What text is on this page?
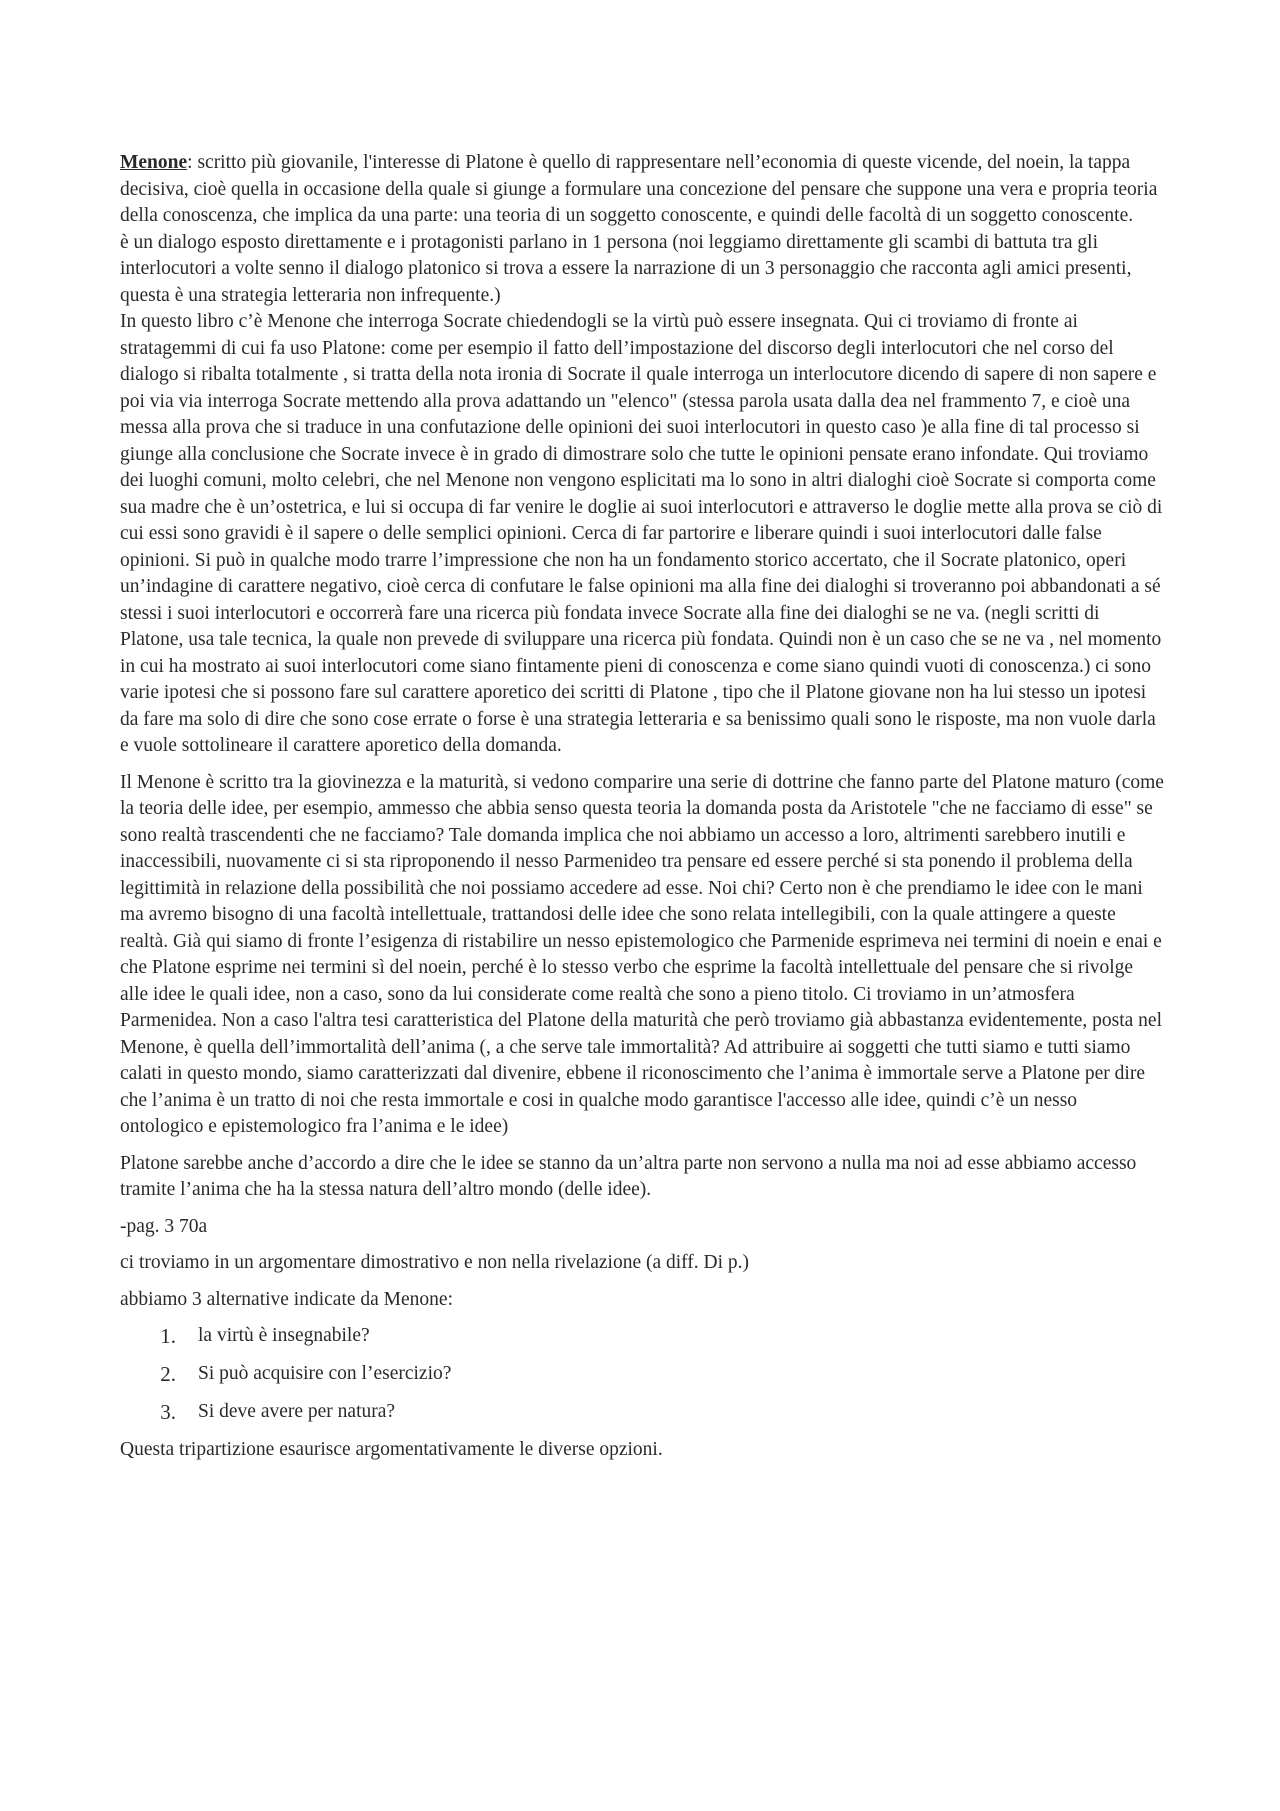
Menone: scritto più giovanile, l'interesse di Platone è quello di rappresentare nell’economia di queste vicende, del noein, la tappa decisiva, cioè quella in occasione della quale si giunge a formulare una concezione del pensare che suppone una vera e propria teoria della conoscenza, che implica da una parte: una teoria di un soggetto conoscente, e quindi delle facoltà di un soggetto conoscente.

è un dialogo esposto direttamente e i protagonisti parlano in 1 persona (noi leggiamo direttamente gli scambi di battuta tra gli interlocutori a volte senno il dialogo platonico si trova a essere la narrazione di un 3 personaggio che racconta agli amici presenti, questa è una strategia letteraria non infrequente.)

In questo libro c’è Menone che interroga Socrate chiedendogli se la virtù può essere insegnata. Qui ci troviamo di fronte ai stratagemmi di cui fa uso Platone: come per esempio il fatto dell’impostazione del discorso degli interlocutori che nel corso del dialogo si ribalta totalmente , si tratta della nota ironia di Socrate il quale interroga un interlocutore dicendo di sapere di non sapere e poi via via interroga Socrate mettendo alla prova adattando un "elenco" (stessa parola usata dalla dea nel frammento 7, e cioè una messa alla prova che si traduce in una confutazione delle opinioni dei suoi interlocutori in questo caso )e alla fine di tal processo si giunge alla conclusione che Socrate invece è in grado di dimostrare solo che tutte le opinioni pensate erano infondate. Qui troviamo dei luoghi comuni, molto celebri, che nel Menone non vengono esplicitati ma lo sono in altri dialoghi cioè Socrate si comporta come sua madre che è un’ostetrica, e lui si occupa di far venire le doglie ai suoi interlocutori e attraverso le doglie mette alla prova se ciò di cui essi sono gravidi è il sapere o delle semplici opinioni. Cerca di far partorire e liberare quindi i suoi interlocutori dalle false opinioni. Si può in qualche modo trarre l’impressione che non ha un fondamento storico accertato, che il Socrate platonico, operi un’indagine di carattere negativo, cioè cerca di confutare le false opinioni ma alla fine dei dialoghi si troveranno poi abbandonati a sé stessi i suoi interlocutori e occorrerà fare una ricerca più fondata invece Socrate alla fine dei dialoghi se ne va. (negli scritti di Platone, usa tale tecnica, la quale non prevede di sviluppare una ricerca più fondata. Quindi non è un caso che se ne va , nel momento in cui ha mostrato ai suoi interlocutori come siano fintamente pieni di conoscenza e come siano quindi vuoti di conoscenza.) ci sono varie ipotesi che si possono fare sul carattere aporetico dei scritti di Platone , tipo che il Platone giovane non ha lui stesso un ipotesi da fare ma solo di dire che sono cose errate o forse è una strategia letteraria e sa benissimo quali sono le risposte, ma non vuole darla e vuole sottolineare il carattere aporetico della domanda.

Il Menone è scritto tra la giovinezza e la maturità, si vedono comparire una serie di dottrine che fanno parte del Platone maturo (come la teoria delle idee, per esempio, ammesso che abbia senso questa teoria la domanda posta da Aristotele "che ne facciamo di esse" se sono realtà trascendenti che ne facciamo? Tale domanda implica che noi abbiamo un accesso a loro, altrimenti sarebbero inutili e inaccessibili, nuovamente ci si sta riproponendo il nesso Parmenideo tra pensare ed essere perché si sta ponendo il problema della legittimità in relazione della possibilità che noi possiamo accedere ad esse. Noi chi? Certo non è che prendiamo le idee con le mani ma avremo bisogno di una facoltà intellettuale, trattandosi delle idee che sono relata intellegibili, con la quale attingere a queste realtà. Già qui siamo di fronte l’esigenza di ristabilire un nesso epistemologico che Parmenide esprimeva nei termini di noein e enai e che Platone esprime nei termini sì del noein, perché è lo stesso verbo che esprime la facoltà intellettuale del pensare che si rivolge alle idee le quali idee, non a caso, sono da lui considerate come realtà che sono a pieno titolo. Ci troviamo in un’atmosfera Parmenidea. Non a caso l'altra tesi caratteristica del Platone della maturità che però troviamo già abbastanza evidentemente, posta nel Menone, è quella dell’immortalità dell’anima (, a che serve tale immortalità? Ad attribuire ai soggetti che tutti siamo e tutti siamo calati in questo mondo, siamo caratterizzati dal divenire, ebbene il riconoscimento che l’anima è immortale serve a Platone per dire che l’anima è un tratto di noi che resta immortale e cosi in qualche modo garantisce l'accesso alle idee, quindi c’è un nesso ontologico e epistemologico fra l’anima e le idee)

Platone sarebbe anche d’accordo a dire che le idee se stanno da un’altra parte non servono a nulla ma noi ad esse abbiamo accesso tramite l’anima che ha la stessa natura dell’altro mondo (delle idee).

-pag. 3 70a

ci troviamo in un argomentare dimostrativo e non nella rivelazione (a diff. Di p.)

abbiamo 3 alternative indicate da Menone:

1.	la virtù è insegnabile?
2.	Si può acquisire con l’esercizio?
3.	Si deve avere per natura?

Questa tripartizione esaurisce argomentativamente le diverse opzioni.
